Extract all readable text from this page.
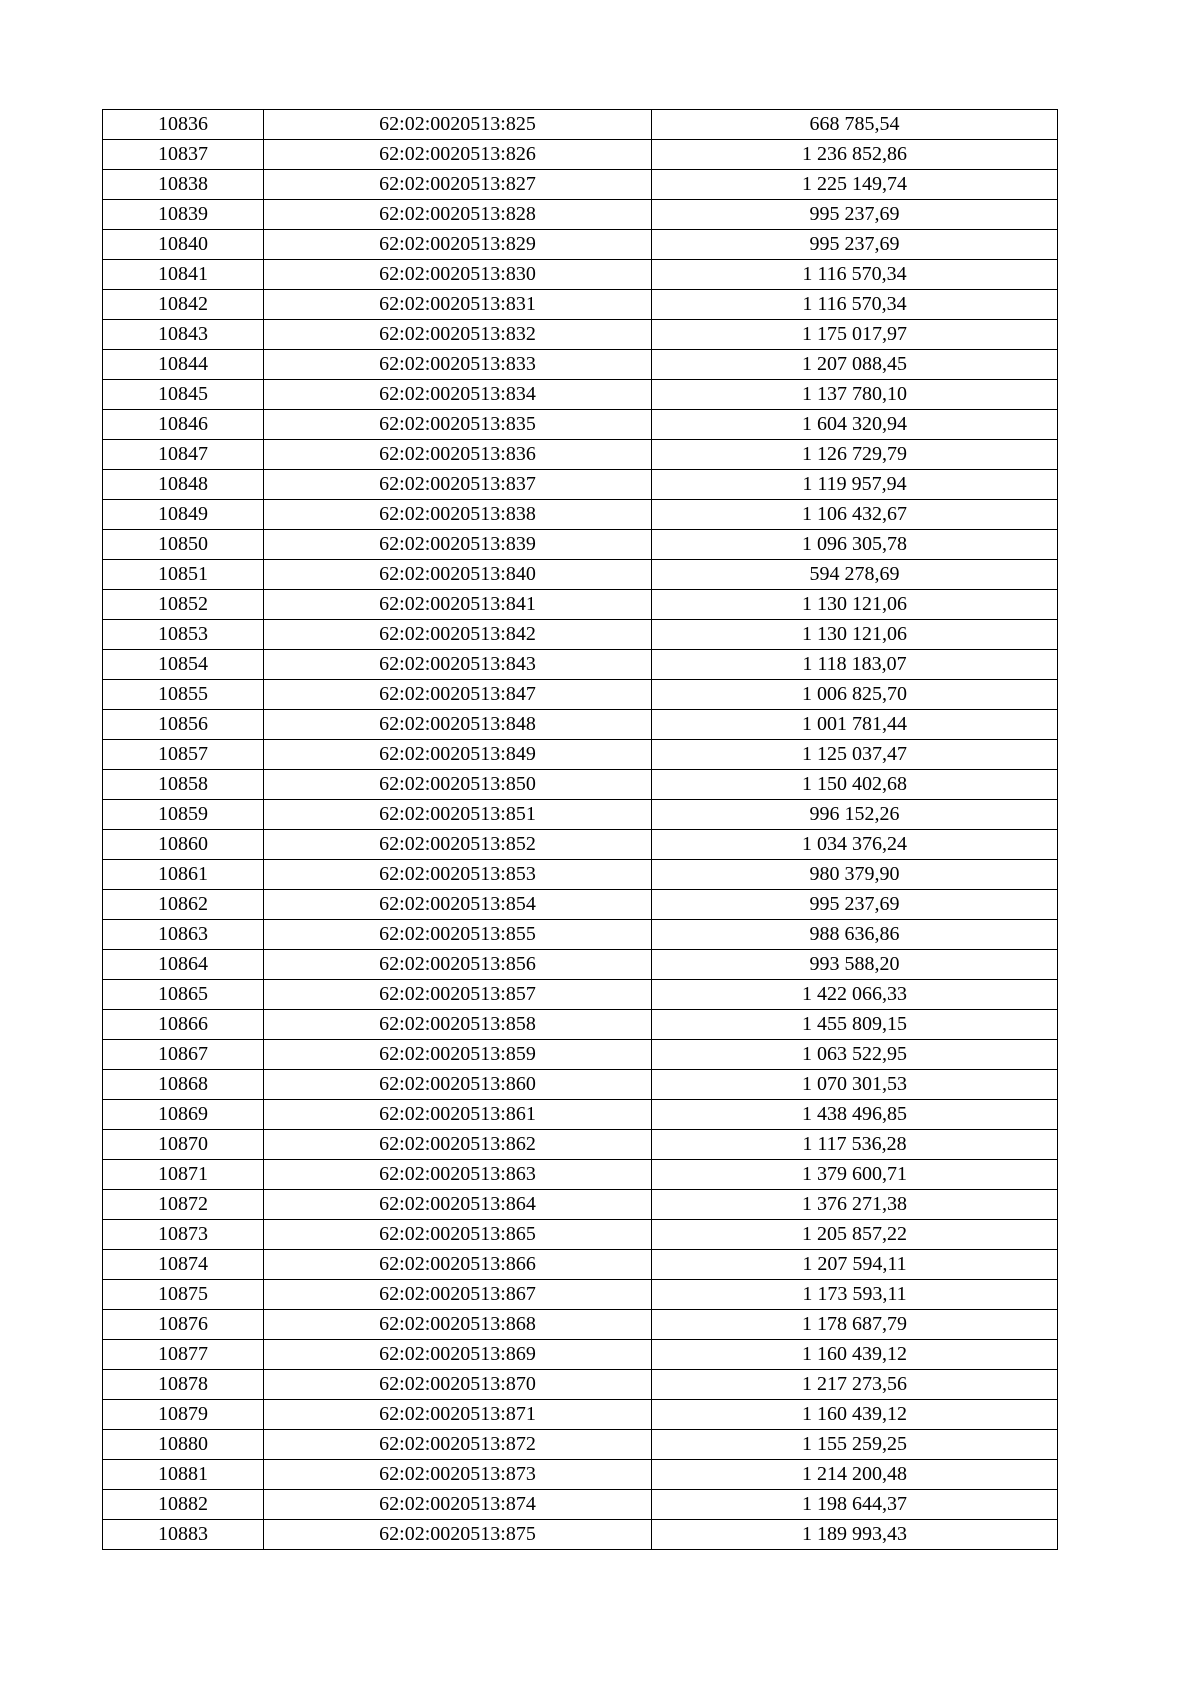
10836	62:02:0020513:825	668 785,54
10837	62:02:0020513:826	1 236 852,86
10838	62:02:0020513:827	1 225 149,74
10839	62:02:0020513:828	995 237,69
10840	62:02:0020513:829	995 237,69
10841	62:02:0020513:830	1 116 570,34
10842	62:02:0020513:831	1 116 570,34
10843	62:02:0020513:832	1 175 017,97
10844	62:02:0020513:833	1 207 088,45
10845	62:02:0020513:834	1 137 780,10
10846	62:02:0020513:835	1 604 320,94
10847	62:02:0020513:836	1 126 729,79
10848	62:02:0020513:837	1 119 957,94
10849	62:02:0020513:838	1 106 432,67
10850	62:02:0020513:839	1 096 305,78
10851	62:02:0020513:840	594 278,69
10852	62:02:0020513:841	1 130 121,06
10853	62:02:0020513:842	1 130 121,06
10854	62:02:0020513:843	1 118 183,07
10855	62:02:0020513:847	1 006 825,70
10856	62:02:0020513:848	1 001 781,44
10857	62:02:0020513:849	1 125 037,47
10858	62:02:0020513:850	1 150 402,68
10859	62:02:0020513:851	996 152,26
10860	62:02:0020513:852	1 034 376,24
10861	62:02:0020513:853	980 379,90
10862	62:02:0020513:854	995 237,69
10863	62:02:0020513:855	988 636,86
10864	62:02:0020513:856	993 588,20
10865	62:02:0020513:857	1 422 066,33
10866	62:02:0020513:858	1 455 809,15
10867	62:02:0020513:859	1 063 522,95
10868	62:02:0020513:860	1 070 301,53
10869	62:02:0020513:861	1 438 496,85
10870	62:02:0020513:862	1 117 536,28
10871	62:02:0020513:863	1 379 600,71
10872	62:02:0020513:864	1 376 271,38
10873	62:02:0020513:865	1 205 857,22
10874	62:02:0020513:866	1 207 594,11
10875	62:02:0020513:867	1 173 593,11
10876	62:02:0020513:868	1 178 687,79
10877	62:02:0020513:869	1 160 439,12
10878	62:02:0020513:870	1 217 273,56
10879	62:02:0020513:871	1 160 439,12
10880	62:02:0020513:872	1 155 259,25
10881	62:02:0020513:873	1 214 200,48
10882	62:02:0020513:874	1 198 644,37
10883	62:02:0020513:875	1 189 993,43
